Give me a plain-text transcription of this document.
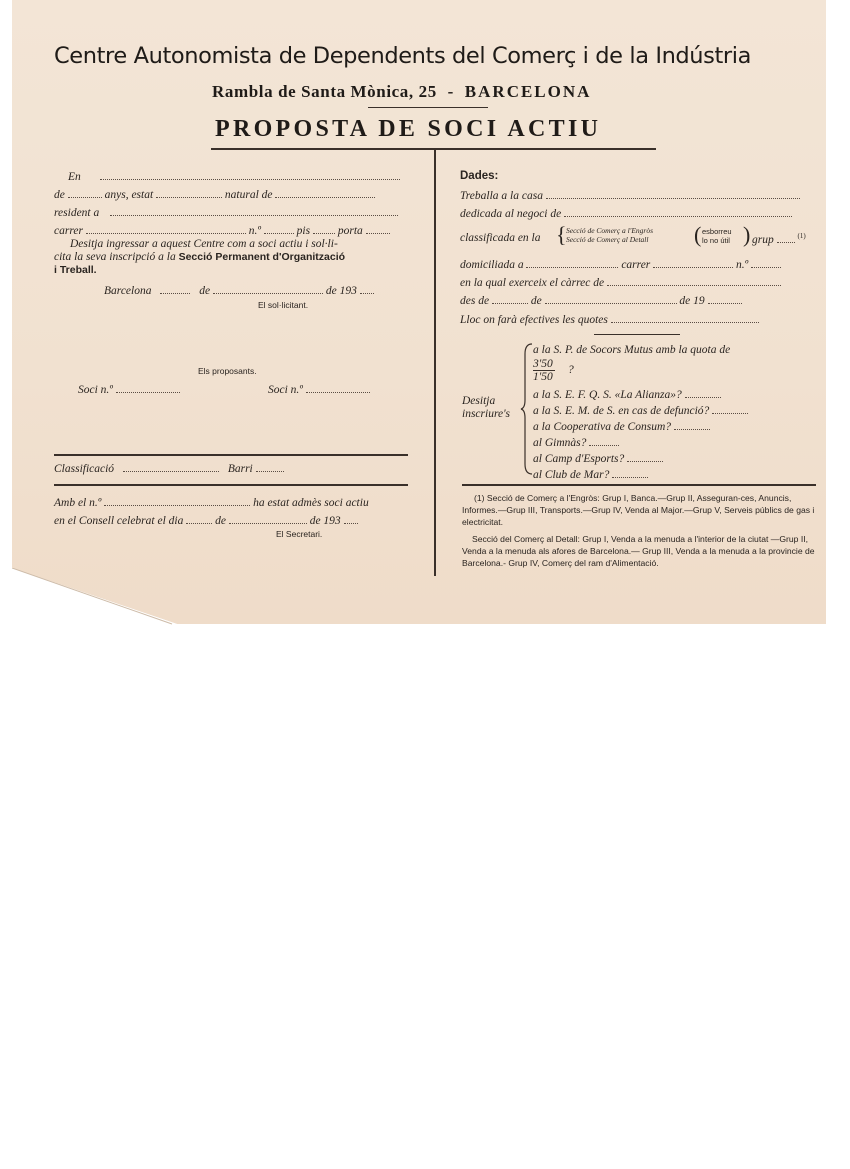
Centre Autonomista de Dependents del Comerç i de la Indústria
Rambla de Santa Mònica, 25 - BARCELONA
PROPOSTA DE SOCI ACTIU
En
de	anys, estat	natural de
resident a
carrer	n.º	pis porta
Desitja ingressar a aquest Centre com a soci actiu i sol·li-
cita la seva inscripció a la Secció Permanent d'Organització
i Treball.
Barcelona	de	de 193
El sol·licitant.
Els proposants.
Soci n.º	Soci n.º
Classificació	Barri
Amb el n.º	ha estat admès soci actiu
en el Consell celebrat el dia	de	de 193
El Secretari.
Dades:
Treballa a la casa
dedicada al negoci de
classificada en la { Secció de Comerç a l'Engròs
Secció de Comerç al Detall ( esborreu
lo no útil ) grup	$^{(1)}$
domiciliada a	carrer	n.º
en la qual exerceix el càrrec de
des de	de	de 19
Lloc on farà efectives les quotes
Desitja
inscriure's
a la S. P. de Socors Mutus amb la quota de
3'50
1'50
?
a la S. E. F. Q. S. «La Alianza»?
a la S. E. M. de S. en cas de defunció?
a la Cooperativa de Consum?
al Gimnàs?
al Camp d'Esports?
al Club de Mar?
(1) Secció de Comerç a l'Engròs: Grup I, Banca.—Grup II, Asseguran-ces, Anuncis, Informes.—Grup III, Transports.—Grup IV, Venda al Major.—Grup V, Serveis públics de gas i electricitat.
Secció del Comerç al Detall: Grup I, Venda a la menuda a l'interior de la ciutat —Grup II, Venda a la menuda als afores de Barcelona.— Grup III, Venda a la menuda a la provincie de Barcelona.- Grup IV, Comerç del ram d'Alimentació.
